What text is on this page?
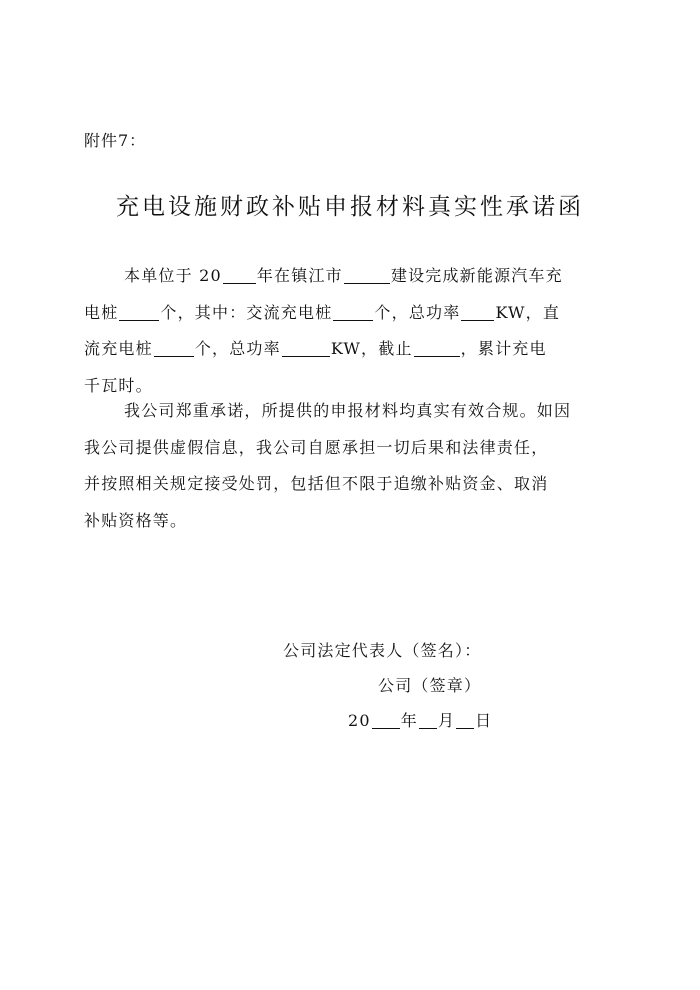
附件7：
充电设施财政补贴申报材料真实性承诺函
本单位于 20 年在镇江市	建设完成新能源汽车充
电桩	个，其中：交流充电桩	个，总功率 KW，直
流充电桩	个，总功率	KW，截止	，累计充电
千瓦时。
我公司郑重承诺，所提供的申报材料均真实有效合规。如因
我公司提供虚假信息，我公司自愿承担一切后果和法律责任，
并按照相关规定接受处罚，包括但不限于追缴补贴资金、取消
补贴资格等。
公司法定代表人（签名）：
公司（签章）
20 年 月 日
